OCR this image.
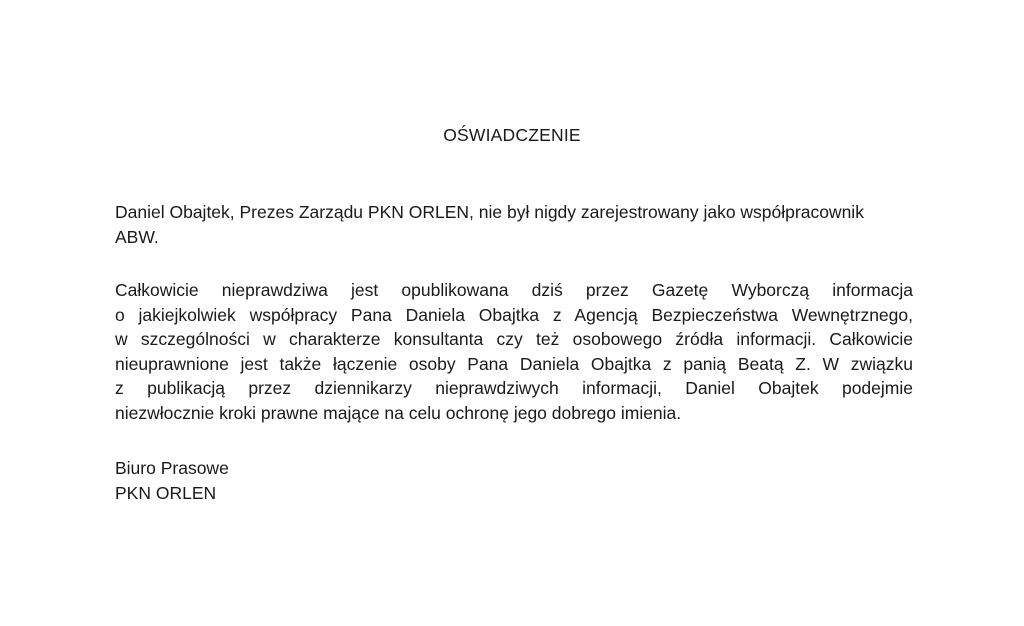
OŚWIADCZENIE
Daniel Obajtek, Prezes Zarządu PKN ORLEN, nie był nigdy zarejestrowany jako współpracownik
ABW.
Całkowicie nieprawdziwa jest opublikowana dziś przez Gazetę Wyborczą informacja
o jakiejkolwiek współpracy Pana Daniela Obajtka z Agencją Bezpieczeństwa Wewnętrznego,
w szczególności w charakterze konsultanta czy też osobowego źródła informacji. Całkowicie
nieuprawnione jest także łączenie osoby Pana Daniela Obajtka z panią Beatą Z. W związku
z publikacją przez dziennikarzy nieprawdziwych informacji, Daniel Obajtek podejmie
niezwłocznie kroki prawne mające na celu ochronę jego dobrego imienia.
Biuro Prasowe
PKN ORLEN
